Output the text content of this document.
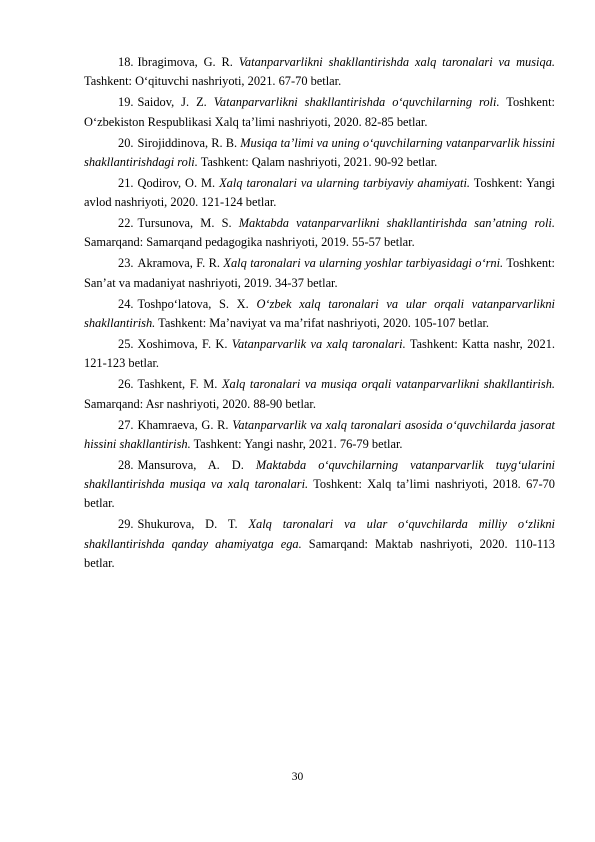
18. Ibragimova, G. R. Vatanparvarlikni shakllantirishda xalq taronalari va musiqa. Tashkent: O‘qituvchi nashriyoti, 2021. 67-70 betlar.

19. Saidov, J. Z. Vatanparvarlikni shakllantirishda o‘quvchilarning roli. Toshkent: O‘zbekiston Respublikasi Xalq ta’limi nashriyoti, 2020. 82-85 betlar.

20. Sirojiddinova, R. B. Musiqa ta’limi va uning o‘quvchilarning vatanparvarlik hissini shakllantirishdagi roli. Tashkent: Qalam nashriyoti, 2021. 90-92 betlar.

21. Qodirov, O. M. Xalq taronalari va ularning tarbiyaviy ahamiyati. Toshkent: Yangi avlod nashriyoti, 2020. 121-124 betlar.

22. Tursunova, M. S. Maktabda vatanparvarlikni shakllantirishda san’atning roli. Samarqand: Samarqand pedagogika nashriyoti, 2019. 55-57 betlar.

23. Akramova, F. R. Xalq taronalari va ularning yoshlar tarbiyasidagi o‘rni. Toshkent: San’at va madaniyat nashriyoti, 2019. 34-37 betlar.

24. Toshpo‘latova, S. X. O‘zbek xalq taronalari va ular orqali vatanparvarlikni shakllantirish. Tashkent: Ma’naviyat va ma’rifat nashriyoti, 2020. 105-107 betlar.

25. Xoshimova, F. K. Vatanparvarlik va xalq taronalari. Tashkent: Katta nashr, 2021. 121-123 betlar.

26. Tashkent, F. M. Xalq taronalari va musiqa orqali vatanparvarlikni shakllantirish. Samarqand: Asr nashriyoti, 2020. 88-90 betlar.

27. Khamraeva, G. R. Vatanparvarlik va xalq taronalari asosida o‘quvchilarda jasorat hissini shakllantirish. Tashkent: Yangi nashr, 2021. 76-79 betlar.

28. Mansurova, A. D. Maktabda o‘quvchilarning vatanparvarlik tuyg‘ularini shakllantirishda musiqa va xalq taronalari. Toshkent: Xalq ta’limi nashriyoti, 2018. 67-70 betlar.

29. Shukurova, D. T. Xalq taronalari va ular o‘quvchilarda milliy o‘zlikni shakllantirishda qanday ahamiyatga ega. Samarqand: Maktab nashriyoti, 2020. 110-113 betlar.

30
